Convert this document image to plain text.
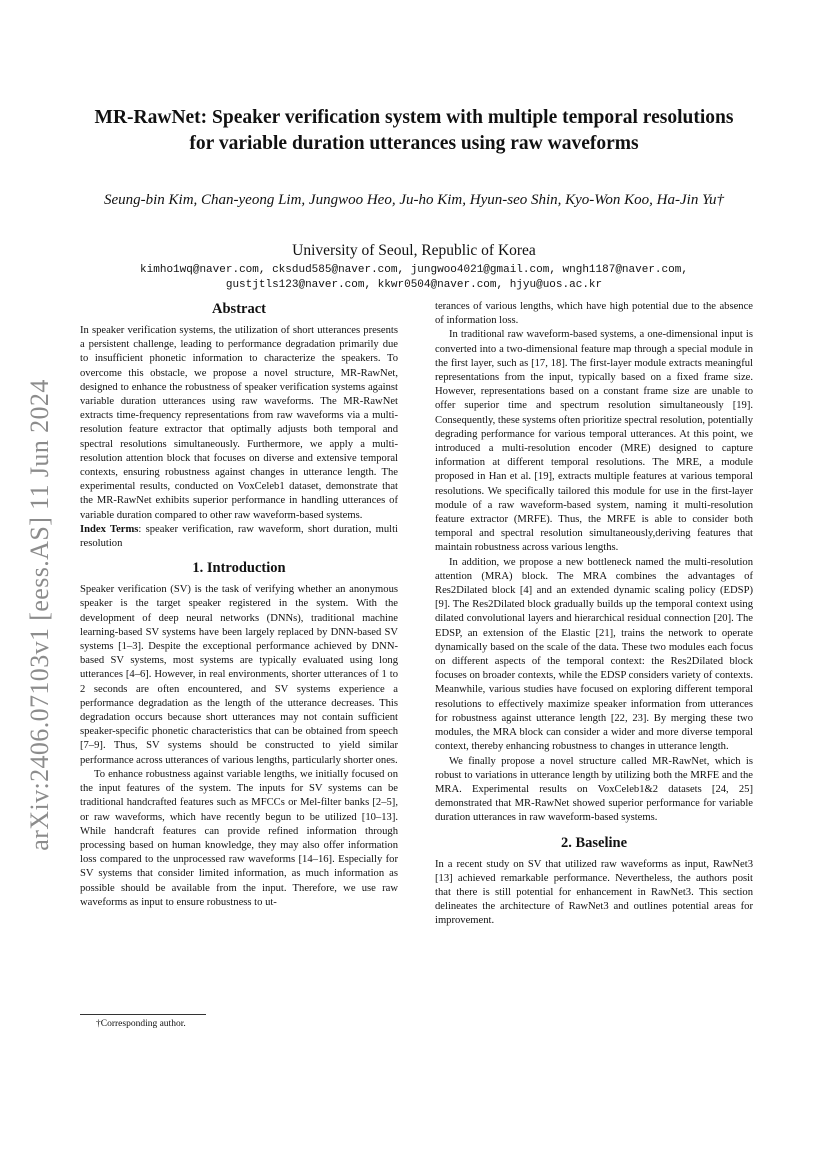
arXiv:2406.07103v1 [eess.AS] 11 Jun 2024
MR-RawNet: Speaker verification system with multiple temporal resolutions for variable duration utterances using raw waveforms
Seung-bin Kim, Chan-yeong Lim, Jungwoo Heo, Ju-ho Kim, Hyun-seo Shin, Kyo-Won Koo, Ha-Jin Yu†
University of Seoul, Republic of Korea
kimho1wq@naver.com, cksdud585@naver.com, jungwoo4021@gmail.com, wngh1187@naver.com, gustjtls123@naver.com, kkwr0504@naver.com, hjyu@uos.ac.kr
Abstract

In speaker verification systems, the utilization of short utterances presents a persistent challenge, leading to performance degradation primarily due to insufficient phonetic information to characterize the speakers. To overcome this obstacle, we propose a novel structure, MR-RawNet, designed to enhance the robustness of speaker verification systems against variable duration utterances using raw waveforms. The MR-RawNet extracts time-frequency representations from raw waveforms via a multi-resolution feature extractor that optimally adjusts both temporal and spectral resolutions simultaneously. Furthermore, we apply a multi-resolution attention block that focuses on diverse and extensive temporal contexts, ensuring robustness against changes in utterance length. The experimental results, conducted on VoxCeleb1 dataset, demonstrate that the MR-RawNet exhibits superior performance in handling utterances of variable duration compared to other raw waveform-based systems.

Index Terms: speaker verification, raw waveform, short duration, multi resolution

1. Introduction

Speaker verification (SV) is the task of verifying whether an anonymous speaker is the target speaker registered in the system. With the development of deep neural networks (DNNs), traditional machine learning-based SV systems have been largely replaced by DNN-based SV systems [1–3]. Despite the exceptional performance achieved by DNN-based SV systems, most systems are typically evaluated using long utterances [4–6]. However, in real environments, shorter utterances of 1 to 2 seconds are often encountered, and SV systems experience a performance degradation as the length of the utterance decreases. This degradation occurs because short utterances may not contain sufficient speaker-specific phonetic characteristics that can be obtained from speech [7–9]. Thus, SV systems should be constructed to yield similar performance across utterances of various lengths, particularly shorter ones.

To enhance robustness against variable lengths, we initially focused on the input features of the system. The inputs for SV systems can be traditional handcrafted features such as MFCCs or Mel-filter banks [2–5], or raw waveforms, which have recently begun to be utilized [10–13]. While handcraft features can provide refined information through processing based on human knowledge, they may also offer information loss compared to the unprocessed raw waveforms [14–16]. Especially for SV systems that consider limited information, as much information as possible should be available from the input. Therefore, we use raw waveforms as input to ensure robustness to ut-

terances of various lengths, which have high potential due to the absence of information loss.

In traditional raw waveform-based systems, a one-dimensional input is converted into a two-dimensional feature map through a special module in the first layer, such as [17, 18]. The first-layer module extracts meaningful representations from the input, typically based on a fixed frame size. However, representations based on a constant frame size are unable to offer superior time and spectrum resolution simultaneously [19]. Consequently, these systems often prioritize spectral resolution, potentially degrading performance for various temporal utterances. At this point, we introduced a multi-resolution encoder (MRE) designed to capture information at different temporal resolutions. The MRE, a module proposed in Han et al. [19], extracts multiple features at various temporal resolutions. We specifically tailored this module for use in the first-layer module of a raw waveform-based system, naming it multi-resolution feature extractor (MRFE). Thus, the MRFE is able to consider both temporal and spectral resolution simultaneously,deriving features that maintain robustness across various lengths.

In addition, we propose a new bottleneck named the multi-resolution attention (MRA) block. The MRA combines the advantages of Res2Dilated block [4] and an extended dynamic scaling policy (EDSP) [9]. The Res2Dilated block gradually builds up the temporal context using dilated convolutional layers and hierarchical residual connection [20]. The EDSP, an extension of the Elastic [21], trains the network to operate dynamically based on the scale of the data. These two modules each focus on different aspects of the temporal context: the Res2Dilated block focuses on broader contexts, while the EDSP considers variety of contexts. Meanwhile, various studies have focused on exploring different temporal resolutions to effectively maximize speaker information from utterances for robustness against utterance length [22, 23]. By merging these two modules, the MRA block can consider a wider and more diverse temporal context, thereby enhancing robustness to changes in utterance length.

We finally propose a novel structure called MR-RawNet, which is robust to variations in utterance length by utilizing both the MRFE and the MRA. Experimental results on VoxCeleb1&2 datasets [24, 25] demonstrated that MR-RawNet showed superior performance for variable duration utterances in raw waveform-based systems.

2. Baseline

In a recent study on SV that utilized raw waveforms as input, RawNet3 [13] achieved remarkable performance. Nevertheless, the authors posit that there is still potential for enhancement in RawNet3. This section delineates the architecture of RawNet3 and outlines potential areas for improvement.

†Corresponding author.
